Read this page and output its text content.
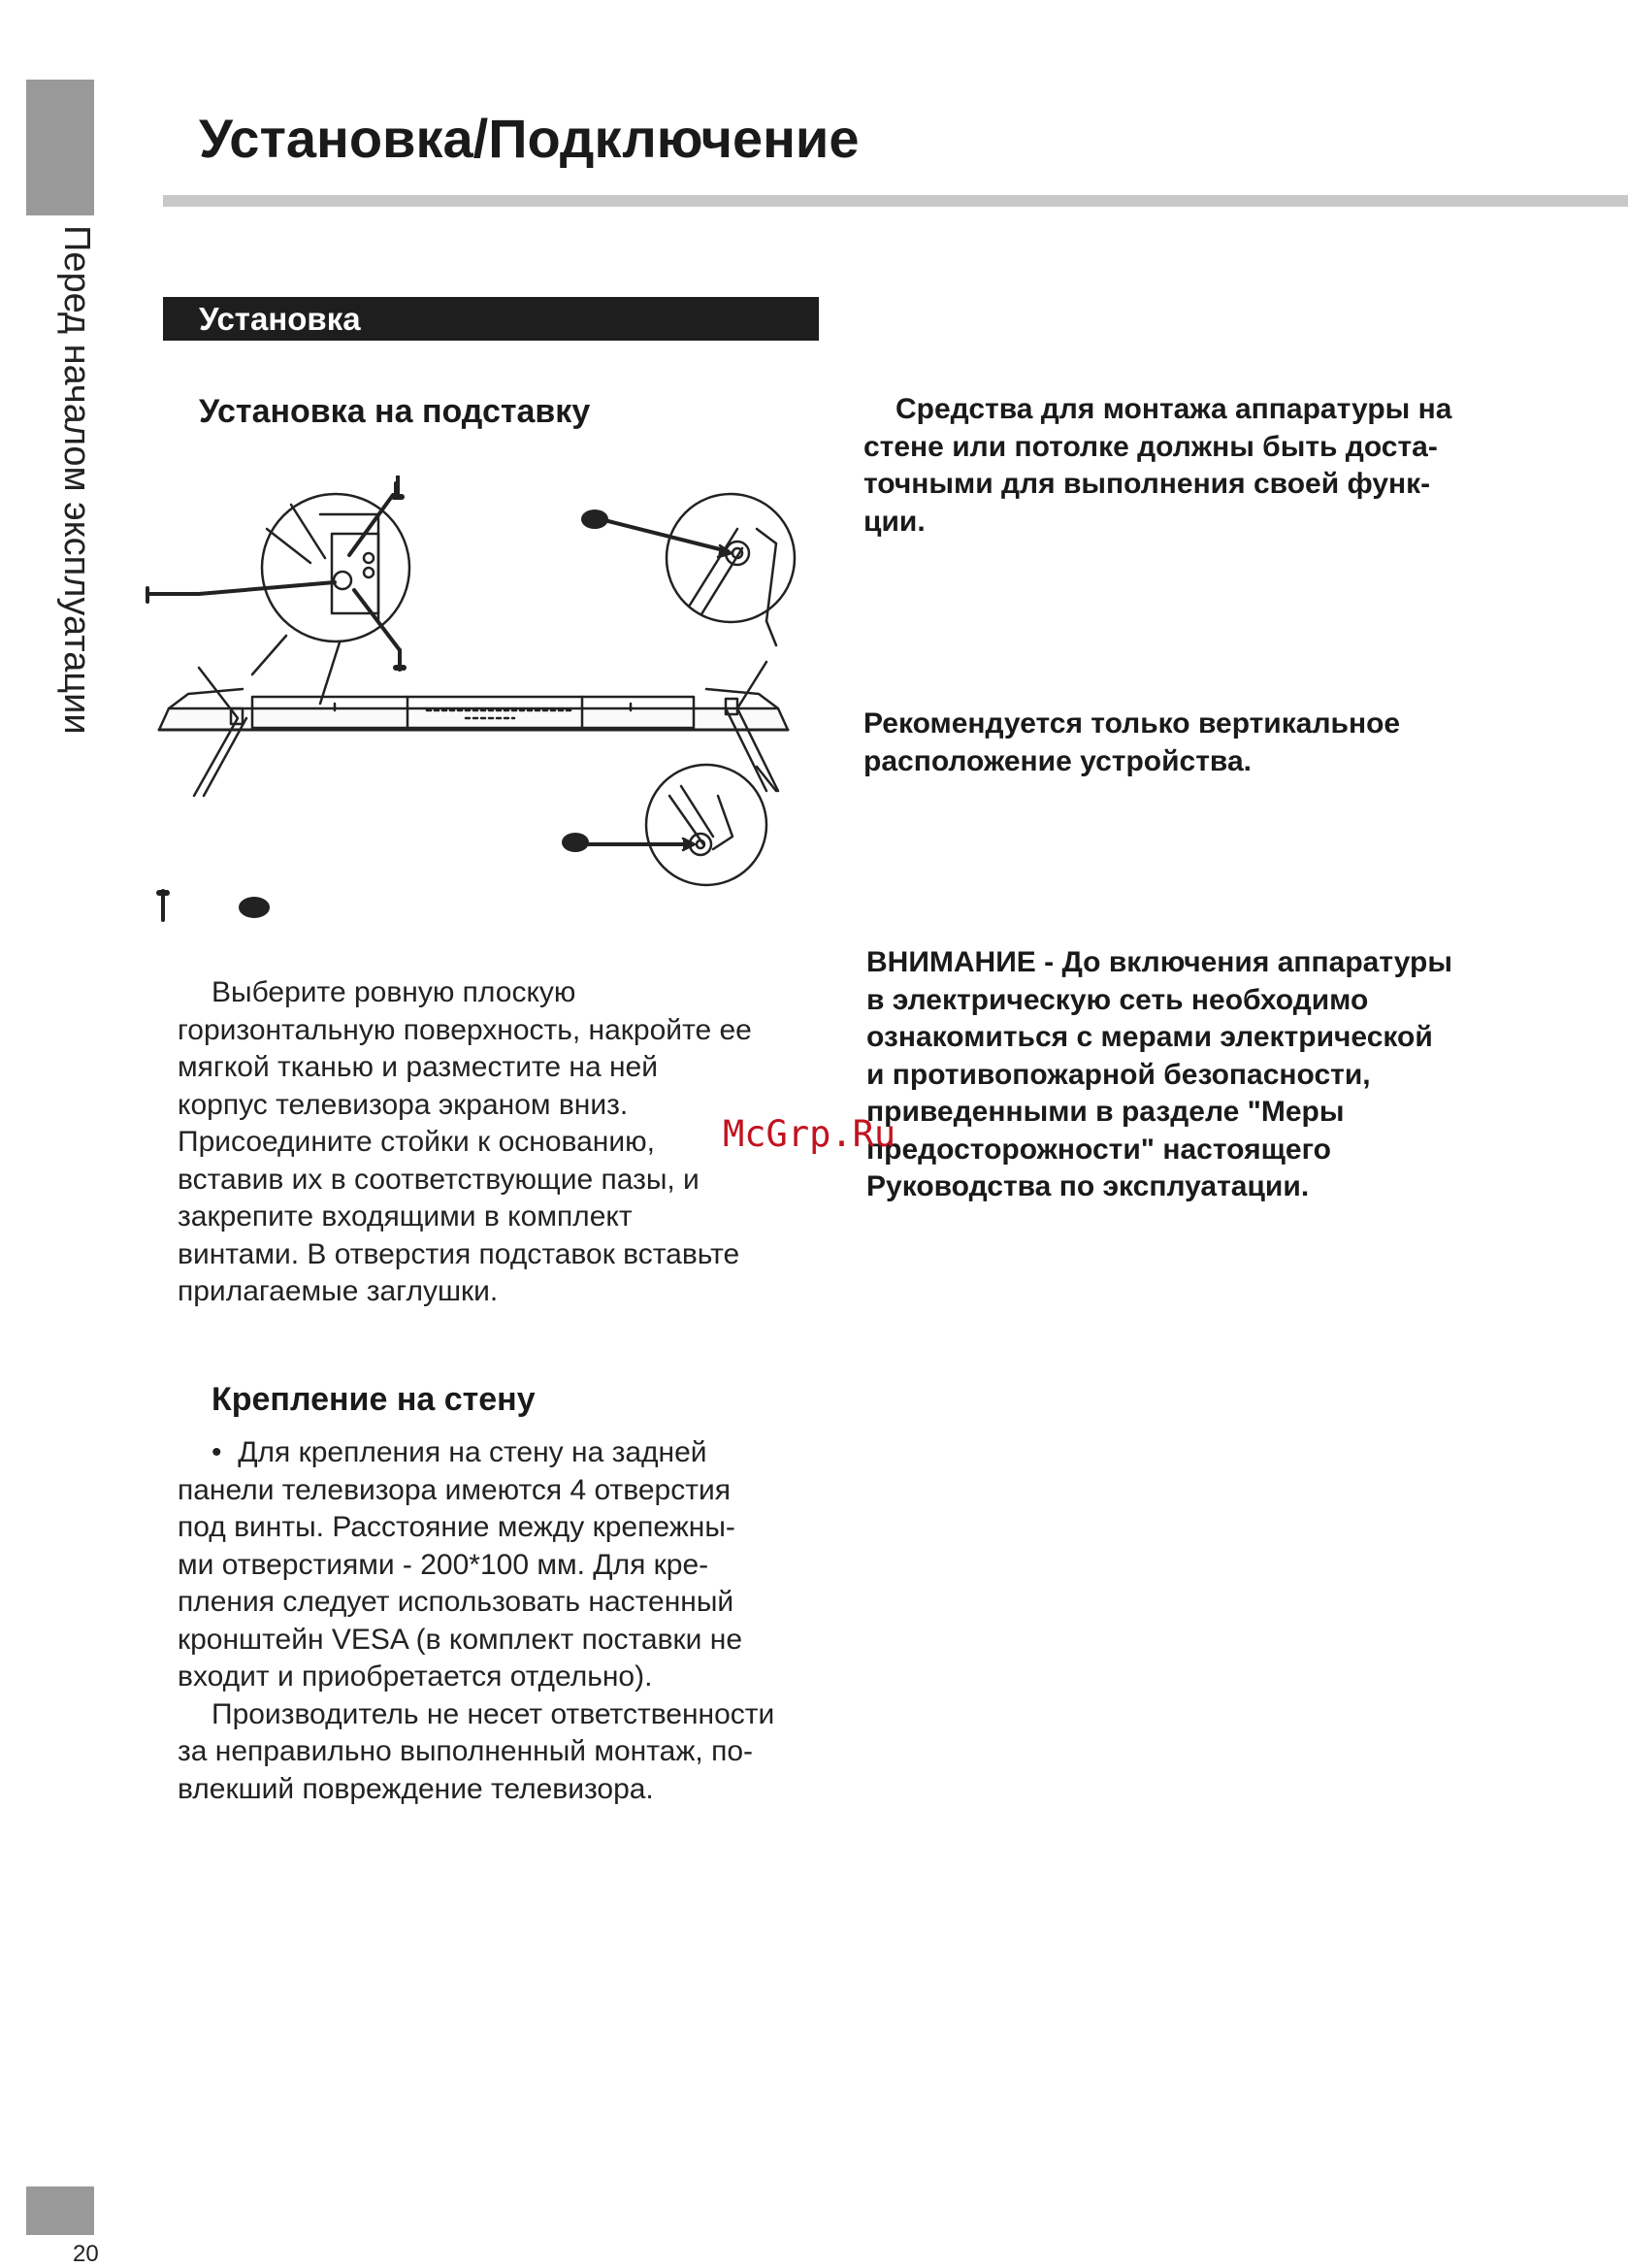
Перед началом эксплуатации
Установка/Подключение
Установка
Установка на подставку
Выберите ровную плоскую
горизонтальную поверхность, накройте ее
мягкой тканью и разместите на ней
корпус телевизора экраном вниз.
Присоедините стойки к основанию,
вставив их в соответствующие пазы, и
закрепите входящими в комплект
винтами. В отверстия подставок вставьте
прилагаемые заглушки.
Крепление на стену
• Для крепления на стену на задней
панели телевизора имеются 4 отверстия
под винты. Расстояние между крепежны-
ми отверстиями - 200*100 мм. Для кре-
пления следует использовать настенный
кронштейн VESA (в комплект поставки не
входит и приобретается отдельно).
Производитель не несет ответственности
за неправильно выполненный монтаж, по-
влекший повреждение телевизора.
Средства для монтажа аппаратуры на
стене или потолке должны быть доста-
точными для выполнения своей функ-
ции.
Рекомендуется только вертикальное
расположение устройства.
ВНИМАНИЕ - До включения аппаратуры
в электрическую сеть необходимо
ознакомиться с мерами электрической
и противопожарной безопасности,
приведенными в разделе "Меры
предосторожности" настоящего
Руководства по эксплуатации.
McGrp.Ru
20
